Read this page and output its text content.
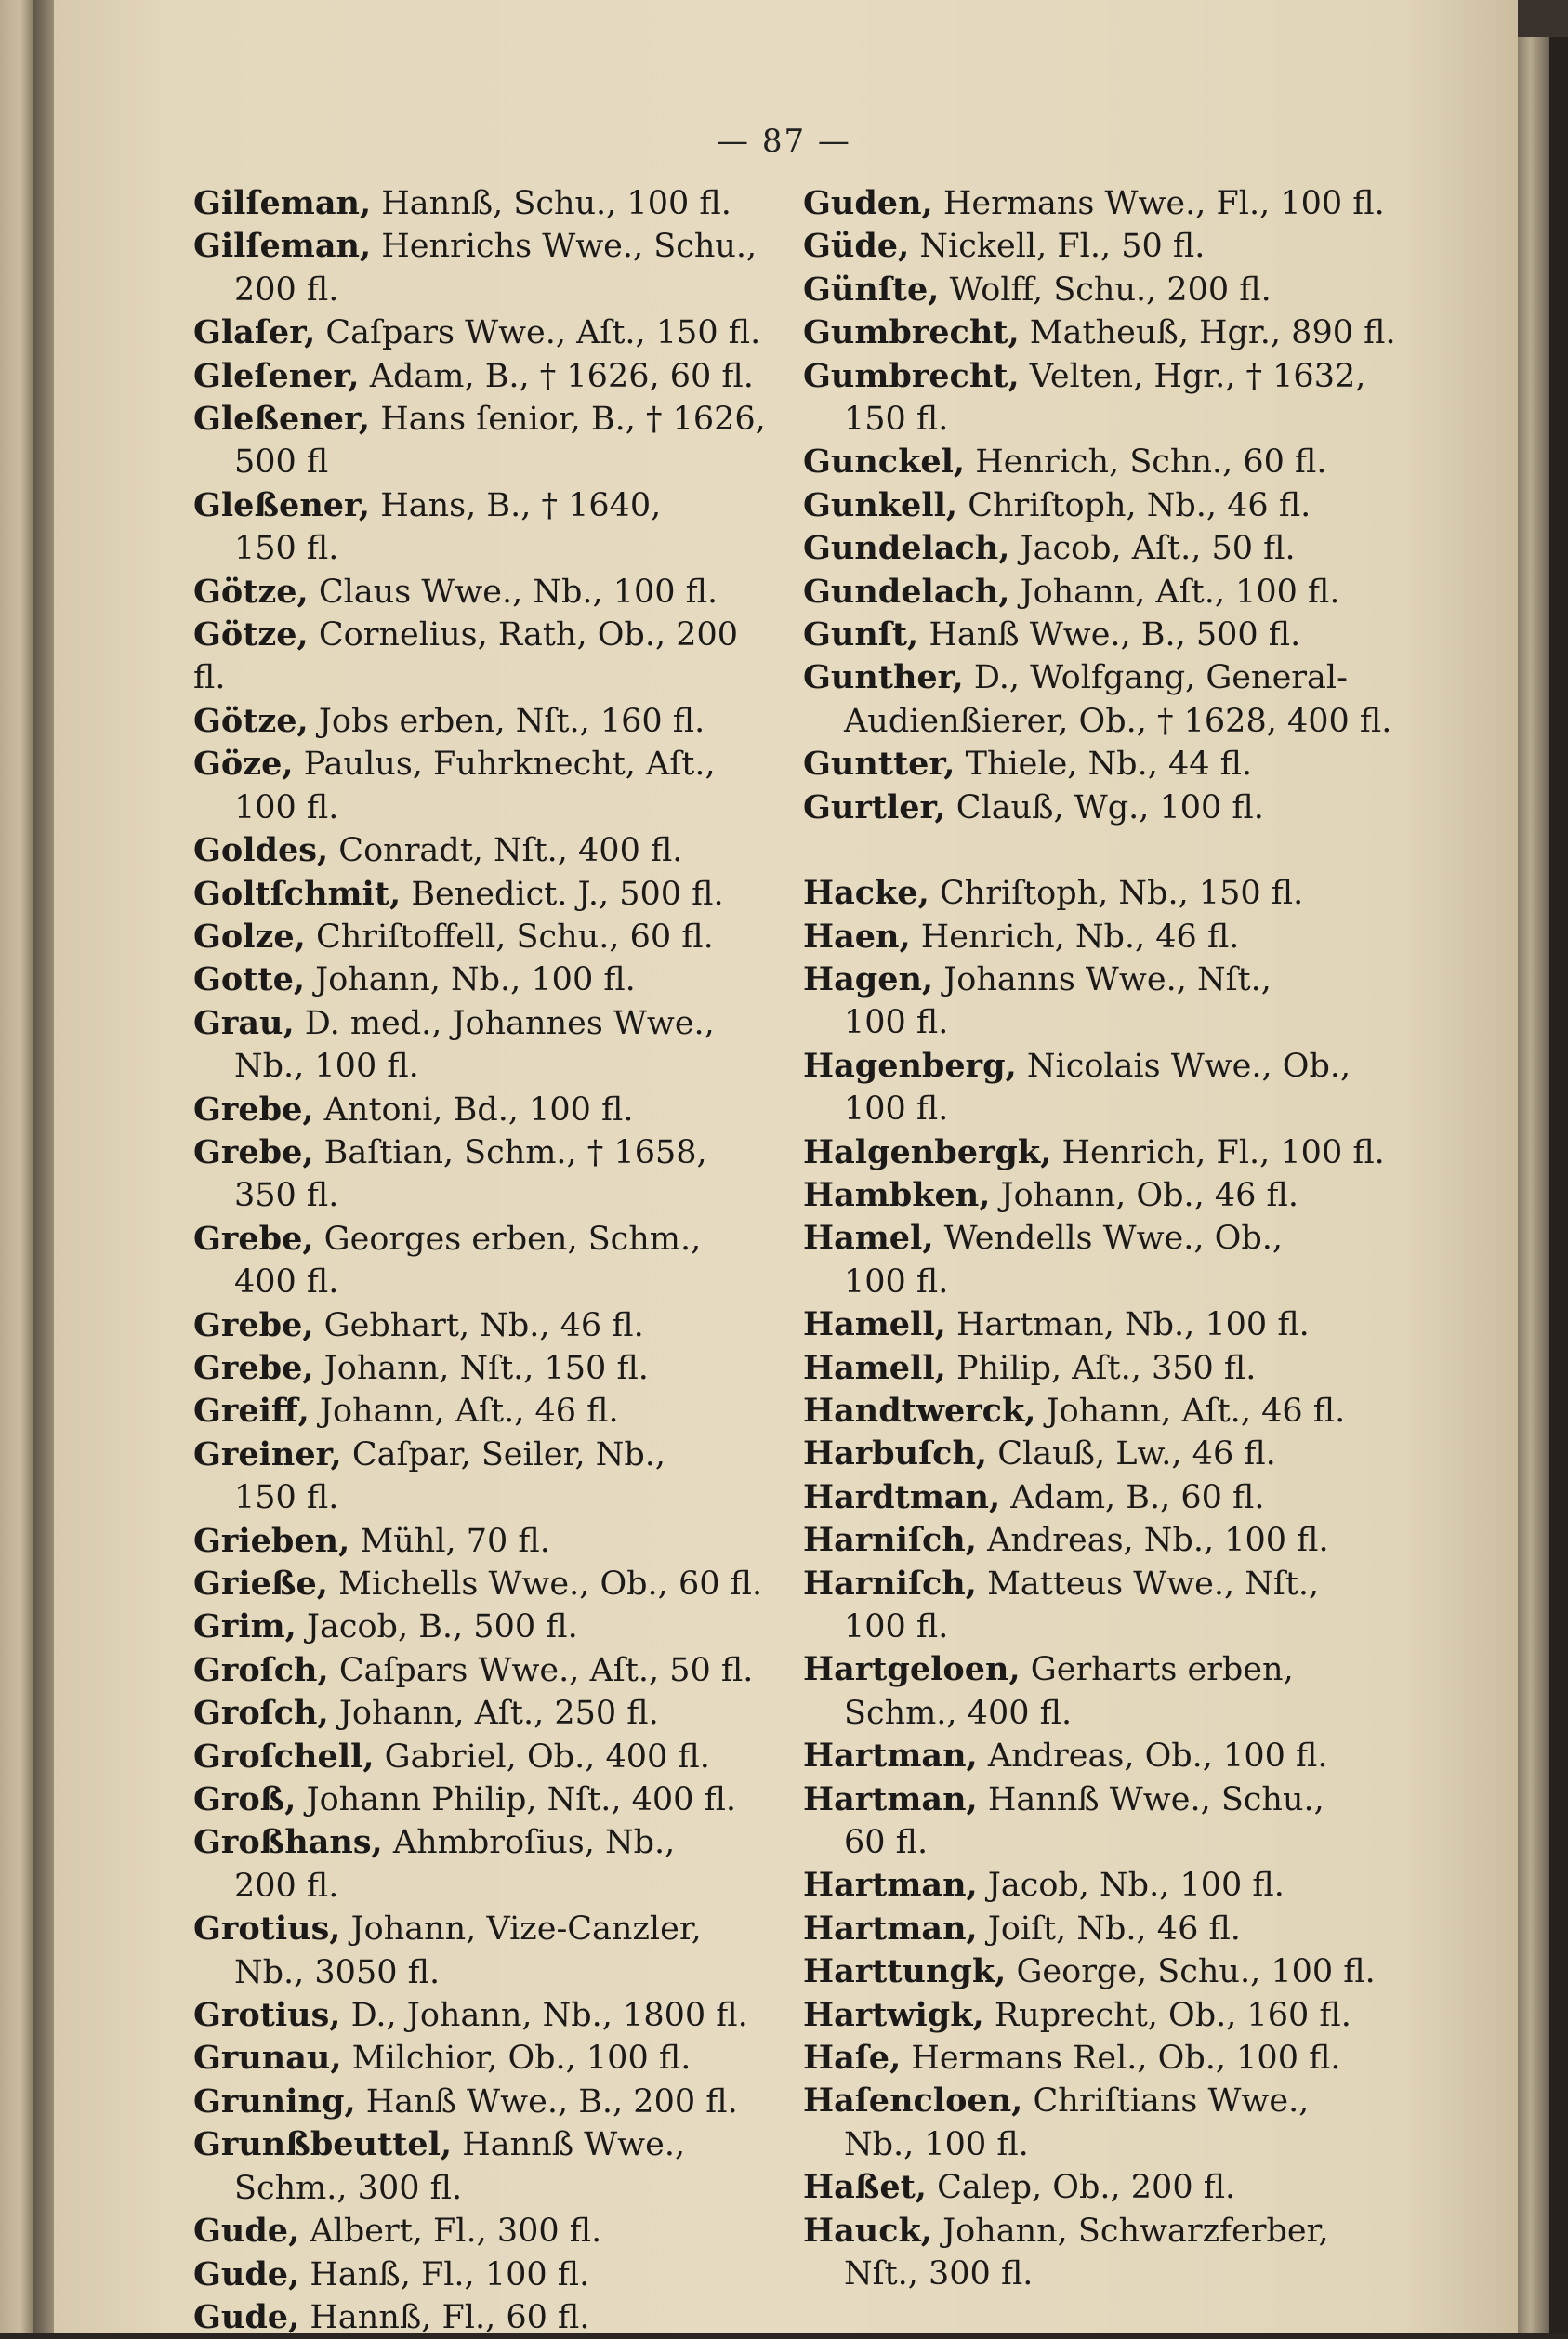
— 87 —

Gilſeman, Hannß, Schu., 100 fl.

Gilſeman, Henrichs Wwe., Schu.,

200 fl.

Glaſer, Caſpars Wwe., Aſt., 150 fl.

Gleſener, Adam, B., † 1626, 60 fl.

Gleßener, Hans ſenior, B., † 1626,

500 fl

Gleßener, Hans, B., † 1640,

150 fl.

Götze, Claus Wwe., Nb., 100 fl.

Götze, Cornelius, Rath, Ob., 200 fl.

Götze, Jobs erben, Nſt., 160 fl.

Göze, Paulus, Fuhrknecht, Aſt.,

100 fl.

Goldes, Conradt, Nſt., 400 fl.

Goltſchmit, Benedict. J., 500 fl.

Golze, Chriſtoffell, Schu., 60 fl.

Gotte, Johann, Nb., 100 fl.

Grau, D. med., Johannes Wwe.,

Nb., 100 fl.

Grebe, Antoni, Bd., 100 fl.

Grebe, Baſtian, Schm., † 1658,

350 fl.

Grebe, Georges erben, Schm.,

400 fl.

Grebe, Gebhart, Nb., 46 fl.

Grebe, Johann, Nſt., 150 fl.

Greiff, Johann, Aſt., 46 fl.

Greiner, Caſpar, Seiler, Nb.,

150 fl.

Grieben, Mühl, 70 fl.

Grieße, Michells Wwe., Ob., 60 fl.

Grim, Jacob, B., 500 fl.

Groſch, Caſpars Wwe., Aſt., 50 fl.

Groſch, Johann, Aſt., 250 fl.

Groſchell, Gabriel, Ob., 400 fl.

Groß, Johann Philip, Nſt., 400 fl.

Großhans, Ahmbroſius, Nb.,

200 fl.

Grotius, Johann, Vize-Canzler,

Nb., 3050 fl.

Grotius, D., Johann, Nb., 1800 fl.

Grunau, Milchior, Ob., 100 fl.

Gruning, Hanß Wwe., B., 200 fl.

Grunßbeuttel, Hannß Wwe.,

Schm., 300 fl.

Gude, Albert, Fl., 300 fl.

Gude, Hanß, Fl., 100 fl.

Gude, Hannß, Fl., 60 fl.

Guden, Hermans Wwe., Fl., 100 fl.

Güde, Nickell, Fl., 50 fl.

Günſte, Wolff, Schu., 200 fl.

Gumbrecht, Matheuß, Hgr., 890 fl.

Gumbrecht, Velten, Hgr., † 1632,

150 fl.

Gunckel, Henrich, Schn., 60 fl.

Gunkell, Chriſtoph, Nb., 46 fl.

Gundelach, Jacob, Aſt., 50 fl.

Gundelach, Johann, Aſt., 100 fl.

Gunſt, Hanß Wwe., B., 500 fl.

Gunther, D., Wolfgang, General-

Audienßierer, Ob., † 1628, 400 fl.

Guntter, Thiele, Nb., 44 fl.

Gurtler, Clauß, Wg., 100 fl.

Hacke, Chriſtoph, Nb., 150 fl.

Haen, Henrich, Nb., 46 fl.

Hagen, Johanns Wwe., Nſt.,

100 fl.

Hagenberg, Nicolais Wwe., Ob.,

100 fl.

Halgenbergk, Henrich, Fl., 100 fl.

Hambken, Johann, Ob., 46 fl.

Hamel, Wendells Wwe., Ob.,

100 fl.

Hamell, Hartman, Nb., 100 fl.

Hamell, Philip, Aſt., 350 fl.

Handtwerck, Johann, Aſt., 46 fl.

Harbuſch, Clauß, Lw., 46 fl.

Hardtman, Adam, B., 60 fl.

Harniſch, Andreas, Nb., 100 fl.

Harniſch, Matteus Wwe., Nſt.,

100 fl.

Hartgeloen, Gerharts erben,

Schm., 400 fl.

Hartman, Andreas, Ob., 100 fl.

Hartman, Hannß Wwe., Schu.,

60 fl.

Hartman, Jacob, Nb., 100 fl.

Hartman, Joiſt, Nb., 46 fl.

Harttungk, George, Schu., 100 fl.

Hartwigk, Ruprecht, Ob., 160 fl.

Haſe, Hermans Rel., Ob., 100 fl.

Haſencloen, Chriſtians Wwe.,

Nb., 100 fl.

Haßet, Calep, Ob., 200 fl.

Hauck, Johann, Schwarzferber,

Nſt., 300 fl.
